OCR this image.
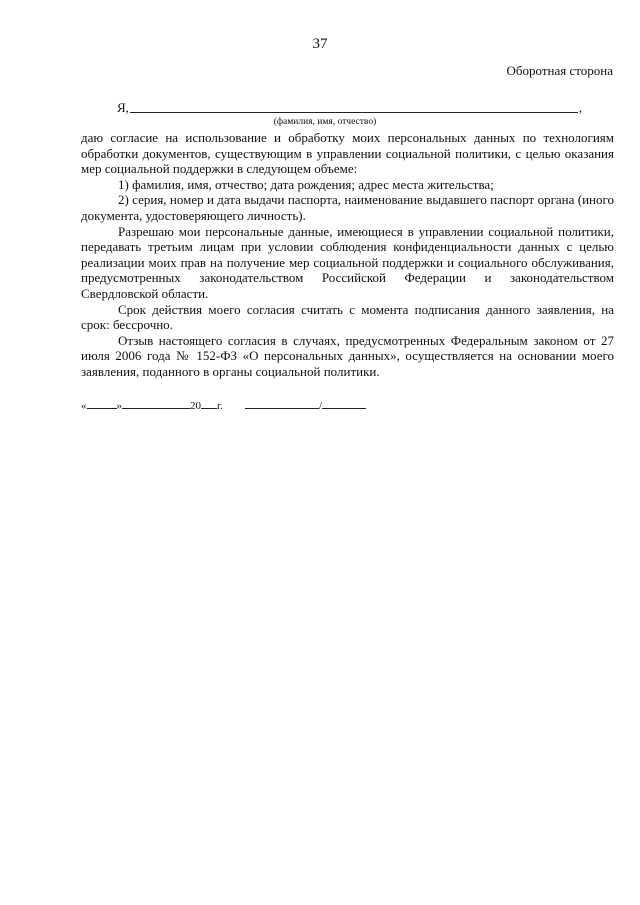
37
Оборотная сторона
Я,	,
(фамилия, имя, отчество)

даю согласие на использование и обработку моих персональных данных по технологиям обработки документов, существующим в управлении социальной политики, с целью оказания мер социальной поддержки в следующем объеме:

1) фамилия, имя, отчество; дата рождения; адрес места жительства;

2) серия, номер и дата выдачи паспорта, наименование выдавшего паспорт органа (иного документа, удостоверяющего личность).

Разрешаю мои персональные данные, имеющиеся в управлении социальной политики, передавать третьим лицам при условии соблюдения конфиденциальности данных с целью реализации моих прав на получение мер социальной поддержки и социального обслуживания, предусмотренных законодательством Российской Федерации и законодательством Свердловской области.

Срок действия моего согласия считать с момента подписания данного заявления, на срок: бессрочно.

Отзыв настоящего согласия в случаях, предусмотренных Федеральным законом от 27 июля 2006 года № 152-ФЗ «О персональных данных», осуществляется на основании моего заявления, поданного в органы социальной политики.

«	»	20 г.	/
